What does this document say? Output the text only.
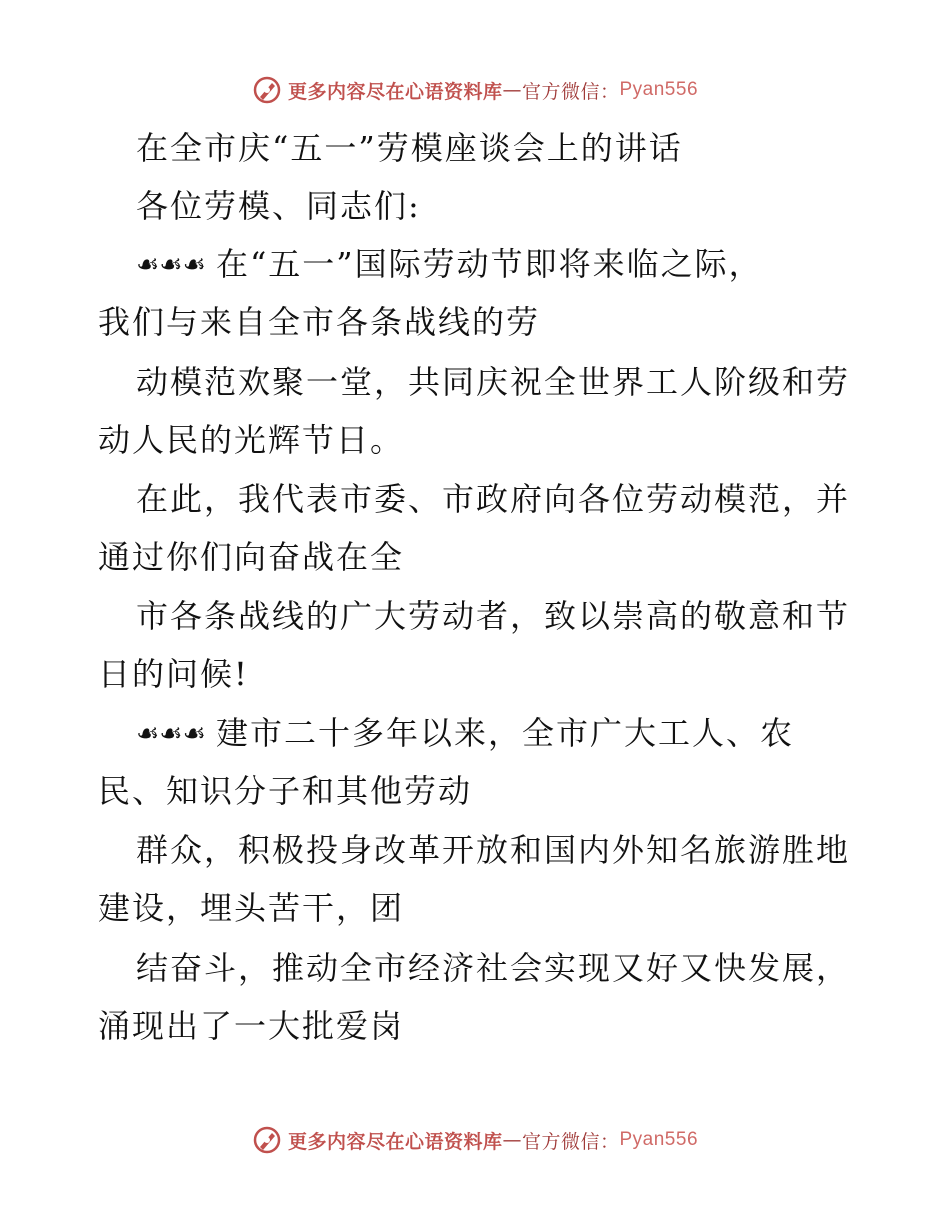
更多内容尽在心语资料库 — 官方微信： Pyan556
在全市庆“五一”劳模座谈会上的讲话
各位劳模、同志们:
☙☙☙ 在“五一”国际劳动节即将来临之际，
我们与来自全市各条战线的劳
动模范欢聚一堂，共同庆祝全世界工人阶级和劳
动人民的光辉节日。
在此，我代表市委、市政府向各位劳动模范，并
通过你们向奋战在全
市各条战线的广大劳动者，致以崇高的敬意和节
日的问候!
☙☙☙ 建市二十多年以来，全市广大工人、农
民、知识分子和其他劳动
群众，积极投身改革开放和国内外知名旅游胜地
建设，埋头苦干，团
结奋斗，推动全市经济社会实现又好又快发展，
涌现出了一大批爱岗
更多内容尽在心语资料库 — 官方微信： Pyan556
